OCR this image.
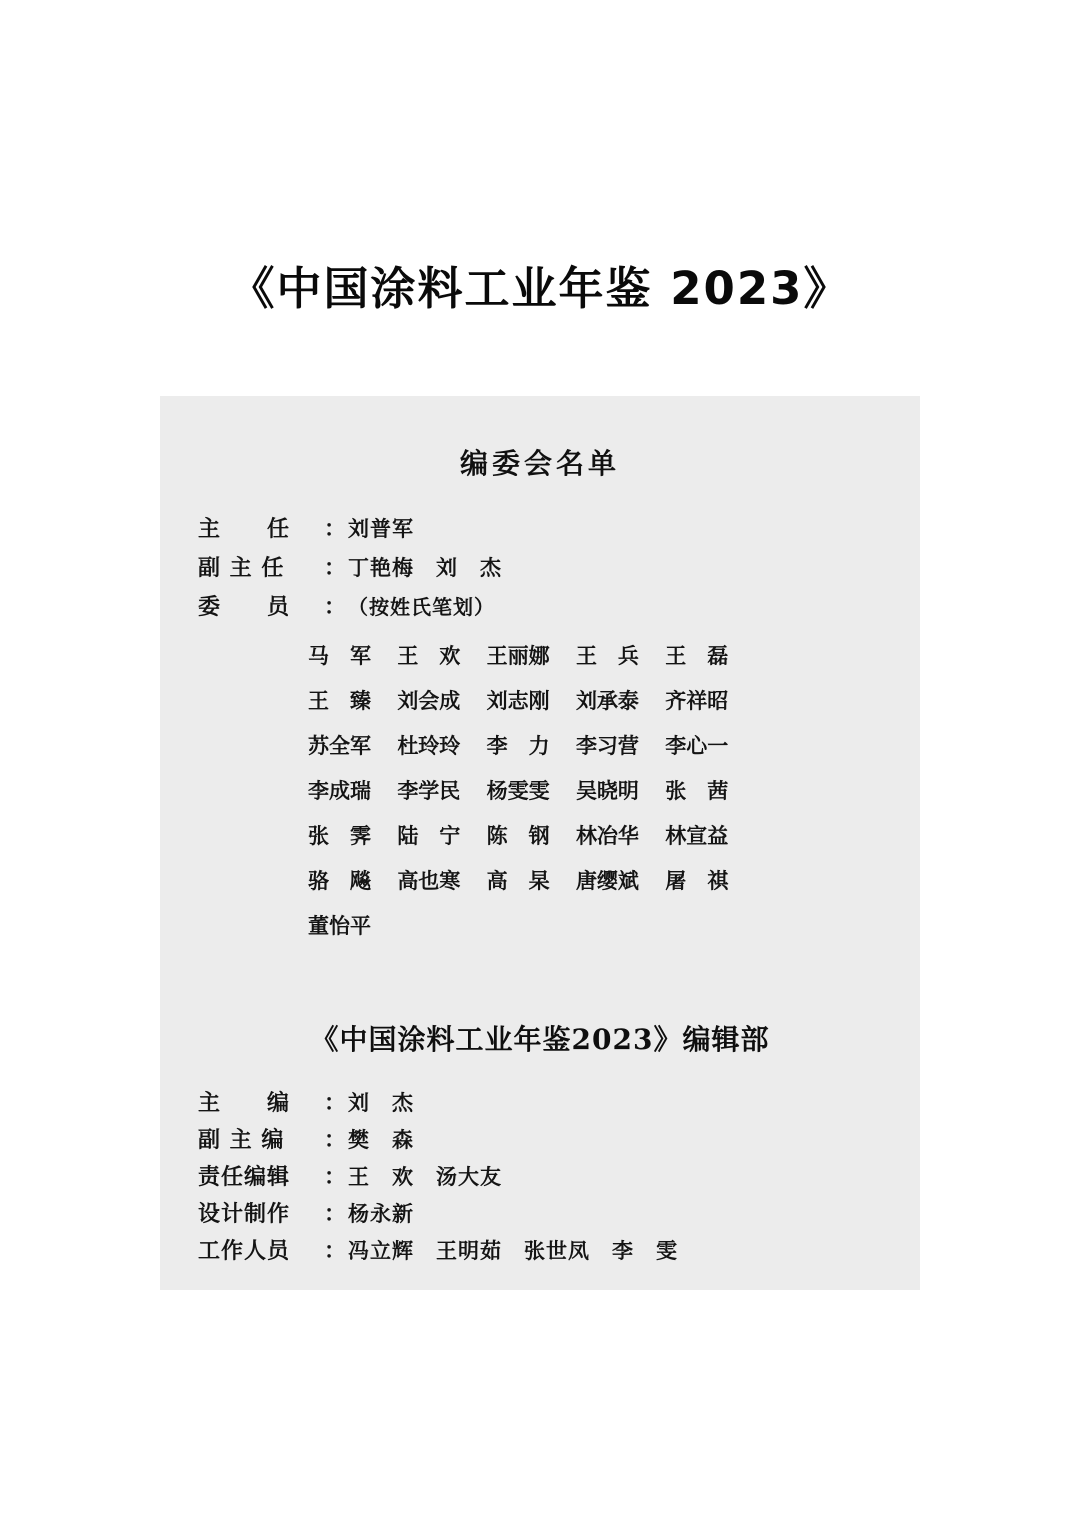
《中国涂料工业年鉴 2023》
编委会名单
主　　任	： 刘普军
副 主 任	： 丁艳梅　刘　杰
委　　员	： （按姓氏笔划）
马　军 王　欢 王丽娜 王　兵 王　磊
王　臻 刘会成 刘志刚 刘承泰 齐祥昭
苏全军 杜玲玲 李　力 李习营 李心一
李成瑞 李学民 杨雯雯 吴晓明 张　茜
张　霁 陆　宁 陈　钢 林冶华 林宣益
骆　飚 高也寒 高　杲 唐缨斌 屠　祺
董怡平
《中国涂料工业年鉴2023》编辑部
主　　编	： 刘　杰
副 主 编	： 樊　森
责任编辑	： 王　欢　汤大友
设计制作	： 杨永新
工作人员	： 冯立辉　王明茹　张世凤　李　雯
